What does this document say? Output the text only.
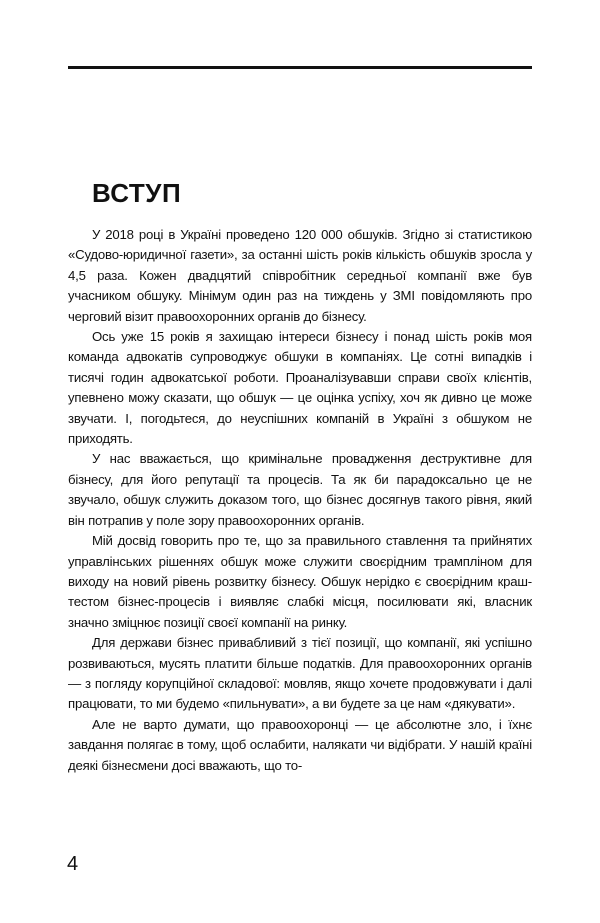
ВСТУП

У 2018 році в Україні проведено 120 000 обшуків. Згідно зі статистикою «Судово-юридичної газети», за останні шість років кількість обшуків зросла у 4,5 раза. Кожен двадцятий співробітник середньої компанії вже був учасником обшуку. Мінімум один раз на тиждень у ЗМІ повідомляють про черговий візит правоохоронних органів до бізнесу.

Ось уже 15 років я захищаю інтереси бізнесу і понад шість років моя команда адвокатів супроводжує обшуки в компаніях. Це сотні випадків і тисячі годин адвокатської роботи. Проаналізувавши справи своїх клієнтів, упевнено можу сказати, що обшук — це оцінка успіху, хоч як дивно це може звучати. І, погодьтеся, до неуспішних компаній в Україні з обшуком не приходять.

У нас вважається, що кримінальне провадження деструктивне для бізнесу, для його репутації та процесів. Та як би парадоксально це не звучало, обшук служить доказом того, що бізнес досягнув такого рівня, який він потрапив у поле зору правоохоронних органів.

Мій досвід говорить про те, що за правильного ставлення та прийнятих управлінських рішеннях обшук може служити своєрідним трампліном для виходу на новий рівень розвитку бізнесу. Обшук нерідко є своєрідним краш-тестом бізнес-процесів і виявляє слабкі місця, посилювати які, власник значно зміцнює позиції своєї компанії на ринку.

Для держави бізнес привабливий з тієї позиції, що компанії, які успішно розвиваються, мусять платити більше податків. Для правоохоронних органів — з погляду корупційної складової: мовляв, якщо хочете продовжувати і далі працювати, то ми будемо «пильнувати», а ви будете за це нам «дякувати».

Але не варто думати, що правоохоронці — це абсолютне зло, і їхнє завдання полягає в тому, щоб ослабити, налякати чи відібрати. У нашій країні деякі бізнесмени досі вважають, що то-

4
